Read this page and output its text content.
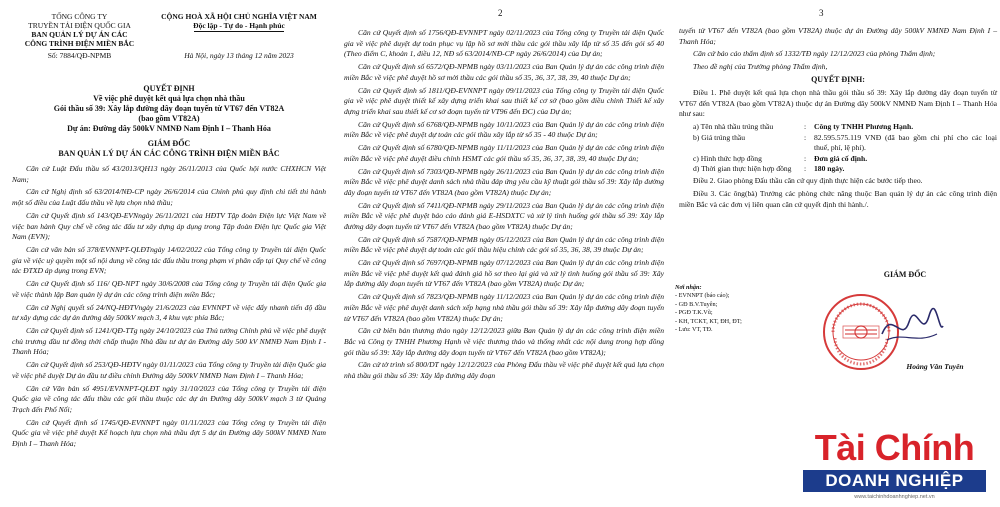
TỔNG CÔNG TY
TRUYỀN TẢI ĐIỆN QUỐC GIA
BAN QUẢN LÝ DỰ ÁN CÁC
CÔNG TRÌNH ĐIỆN MIỀN BẮC
Số: 7884/QĐ-NPMB
CỘNG HOÀ XÃ HỘI CHỦ NGHĨA VIỆT NAM
Độc lập - Tự do - Hạnh phúc
Hà Nội, ngày 13 tháng 12 năm 2023
QUYẾT ĐỊNH
Về việc phê duyệt kết quả lựa chọn nhà thầu
Gói thầu số 39: Xây lắp đường dây đoạn tuyến từ VT67 đến VT82A
(bao gồm VT82A)
Dự án: Đường dây 500kV NMNĐ Nam Định I – Thanh Hóa
GIÁM ĐỐC
BAN QUẢN LÝ DỰ ÁN CÁC CÔNG TRÌNH ĐIỆN MIỀN BẮC

Căn cứ Luật Đấu thầu số 43/2013/QH13 ngày 26/11/2013 của Quốc hội nước CHXHCN Việt Nam;

Căn cứ Nghị định số 63/2014/NĐ-CP ngày 26/6/2014 của Chính phủ quy định chi tiết thi hành một số điều của Luật đấu thầu về lựa chọn nhà thầu;

Căn cứ Quyết định số 143/QĐ-EVNngày 26/11/2021 của HĐTV Tập đoàn Điện lực Việt Nam về việc ban hành Quy chế về công tác đấu tư xây dựng áp dụng trong Tập đoàn Điện lực Quốc gia Việt Nam (EVN);

Căn cứ văn bản số 378/EVNNPT-QLĐTngày 14/02/2022 của Tổng công ty Truyền tải điện Quốc gia về việc uỷ quyền một số nội dung về công tác đấu thầu trong phạm vi phân cấp tại Quy chế về công tác ĐTXD áp dụng trong EVN;

Căn cứ Quyết định số 116/ QĐ-NPT ngày 30/6/2008 của Tổng công ty Truyền tải điện Quốc gia về việc thành lập Ban quản lý dự án các công trình điện miền Bắc;

Căn cứ Nghị quyết số 24/NQ-HĐTVngày 21/6/2023 của EVNNPT về việc đẩy nhanh tiến độ đầu tư xây dựng các dự án đường dây 500kV mạch 3, 4 khu vực phía Bắc;

Căn cứ Quyết định số 1241/QĐ-TTg ngày 24/10/2023 của Thủ tướng Chính phủ về việc phê duyệt chủ trương đầu tư đồng thời chấp thuận Nhà đầu tư dự án Đường dây 500 kV NMNĐ Nam Định I - Thanh Hóa;

Căn cứ Quyết định số 253/QĐ-HĐTV ngày 01/11/2023 của Tổng công ty Truyền tải điện Quốc gia về việc phê duyệt Dự án đầu tư điều chỉnh Đường dây 500kV NMNĐ Nam Định I – Thanh Hóa;

Căn cứ Văn bản số 4951/EVNNPT-QLĐT ngày 31/10/2023 của Tổng công ty Truyền tải điện Quốc gia về công tác đấu thầu các gói thầu thuộc các dự án Đường dây 500kV mạch 3 từ Quảng Trạch đến Phố Nối;

Căn cứ Quyết định số 1745/QĐ-EVNNPT ngày 01/11/2023 của Tổng công ty Truyền tải điện Quốc gia về việc phê duyệt Kế hoạch lựa chọn nhà thầu đợt 5 dự án Đường dây 500kV NMNĐ Nam Định I – Thanh Hóa;

2

Căn cứ Quyết định số 1756/QĐ-EVNNPT ngày 02/11/2023 của Tổng công ty Truyền tải điện Quốc gia về việc phê duyệt dự toán phục vụ lập hồ sơ mời thầu các gói thầu xây lắp từ số 35 đến gói số 40 (Theo điểm C, khoản 1, điều 12, NĐ số 63/2014/NĐ-CP ngày 26/6/2014) của Dự án;

Căn cứ Quyết định số 6572/QĐ-NPMB ngày 03/11/2023 của Ban Quản lý dự án các công trình điện miền Bắc về việc phê duyệt hồ sơ mời thầu các gói thầu số 35, 36, 37, 38, 39, 40 thuộc Dự án;

Căn cứ Quyết định số 1811/QĐ-EVNNPT ngày 09/11/2023 của Tổng công ty Truyền tải điện Quốc gia về việc phê duyệt thiết kế xây dựng triển khai sau thiết kế cơ sở (bao gồm điều chỉnh Thiết kế xây dựng triển khai sau thiết kế cơ sở đoạn tuyến từ VT96 đến ĐC) của Dự án;

Căn cứ Quyết định số 6768/QĐ-NPMB ngày 10/11/2023 của Ban Quản lý dự án các công trình điện miền Bắc về việc phê duyệt dự toán các gói thầu xây lắp từ số 35 - 40 thuộc Dự án;

Căn cứ Quyết định số 6780/QĐ-NPMB ngày 11/11/2023 của Ban Quản lý dự án các công trình điện miền Bắc về việc phê duyệt điều chỉnh HSMT các gói thầu số 35, 36, 37, 38, 39, 40 thuộc Dự án;

Căn cứ Quyết định số 7303/QĐ-NPMB ngày 26/11/2023 của Ban Quản lý dự án các công trình điện miền Bắc về việc phê duyệt danh sách nhà thầu đáp ứng yêu cầu kỹ thuật gói thầu số 39: Xây lắp đường dây đoạn tuyến từ VT67 đến VT82A (bao gồm VT82A) thuộc Dự án;

Căn cứ Quyết định số 7411/QĐ-NPMB ngày 29/11/2023 của Ban Quản lý dự án các công trình điện miền Bắc về việc phê duyệt báo cáo đánh giá E-HSDXTC và xử lý tình huống gói thầu số 39: Xây lắp đường dây đoạn tuyến từ VT67 đến VT82A (bao gồm VT82A) thuộc Dự án;

Căn cứ Quyết định số 7587/QĐ-NPMB ngày 05/12/2023 của Ban Quản lý dự án các công trình điện miền Bắc về việc phê duyệt dự toán các gói thầu hiệu chỉnh các gói số 35, 36, 38, 39 thuộc Dự án;

Căn cứ Quyết định số 7697/QĐ-NPMB ngày 07/12/2023 của Ban Quản lý dự án các công trình điện miền Bắc về việc phê duyệt kết quả đánh giá hồ sơ theo lại giá và xử lý tình huống gói thầu số 39: Xây lắp đường dây đoạn tuyến từ VT67 đến VT82A (bao gồm VT82A) thuộc Dự án;

Căn cứ Quyết định số 7823/QĐ-NPMB ngày 11/12/2023 của Ban Quản lý dự án các công trình điện miền Bắc về việc phê duyệt danh sách xếp hạng nhà thầu gói thầu số 39: Xây lắp đường dây đoạn tuyến từ VT67 đến VT82A (bao gồm VT82A) thuộc Dự án;

Căn cứ biên bản thương thảo ngày 12/12/2023 giữa Ban Quản lý dự án các công trình điện miền Bắc và Công ty TNHH Phương Hạnh về việc thương thảo và thống nhất các nội dung trong hợp đồng gói thầu số 39: Xây lắp đường dây đoạn tuyến từ VT67 đến VT82A (bao gồm VT82A);

Căn cứ tờ trình số 800/DT ngày 12/12/2023 của Phòng Đấu thầu về việc phê duyệt kết quả lựa chọn nhà thầu gói thầu số 39: Xây lắp đường dây đoạn

3

tuyến từ VT67 đến VT82A (bao gồm VT82A) thuộc dự án Đường dây 500kV NMNĐ Nam Định I – Thanh Hóa;

Căn cứ báo cáo thẩm định số 1332/TĐ ngày 12/12/2023 của phòng Thẩm định;

Theo đề nghị của Trưởng phòng Thẩm định,

QUYẾT ĐỊNH:

Điều 1. Phê duyệt kết quả lựa chọn nhà thầu gói thầu số 39: Xây lắp đường dây đoạn tuyến từ VT67 đến VT82A (bao gồm VT82A) thuộc dự án Đường dây 500kV NMNĐ Nam Định I – Thanh Hóa như sau:

a) Tên nhà thầu trúng thầu	:	Công ty TNHH Phương Hạnh.
b) Giá trúng thầu	:	82.595.575.119 VNĐ (đã bao gồm chi phí cho các loại thuế, phí, lệ phí).
c) Hình thức hợp đồng	:	Đơn giá cố định.
d) Thời gian thực hiện hợp đồng	:	180 ngày.

Điều 2. Giao phòng Đấu thầu căn cứ quy định thực hiện các bước tiếp theo.

Điều 3. Các ông(bà) Trưởng các phòng chức năng thuộc Ban quản lý dự án các công trình điện miền Bắc và các đơn vị liên quan căn cứ quyết định thi hành./.

Nơi nhận:
- EVNNPT (báo cáo);
- GĐ B.V.Tuyên;
- PGĐ T.K.Vũ;
- KH, TCKT, KT, ĐH, ĐT;
- Lưu: VT, TĐ.
GIÁM ĐỐC
Hoàng Văn Tuyên
Tài Chính
DOANH NGHIỆP
www.taichinhdoanhnghiep.net.vn
